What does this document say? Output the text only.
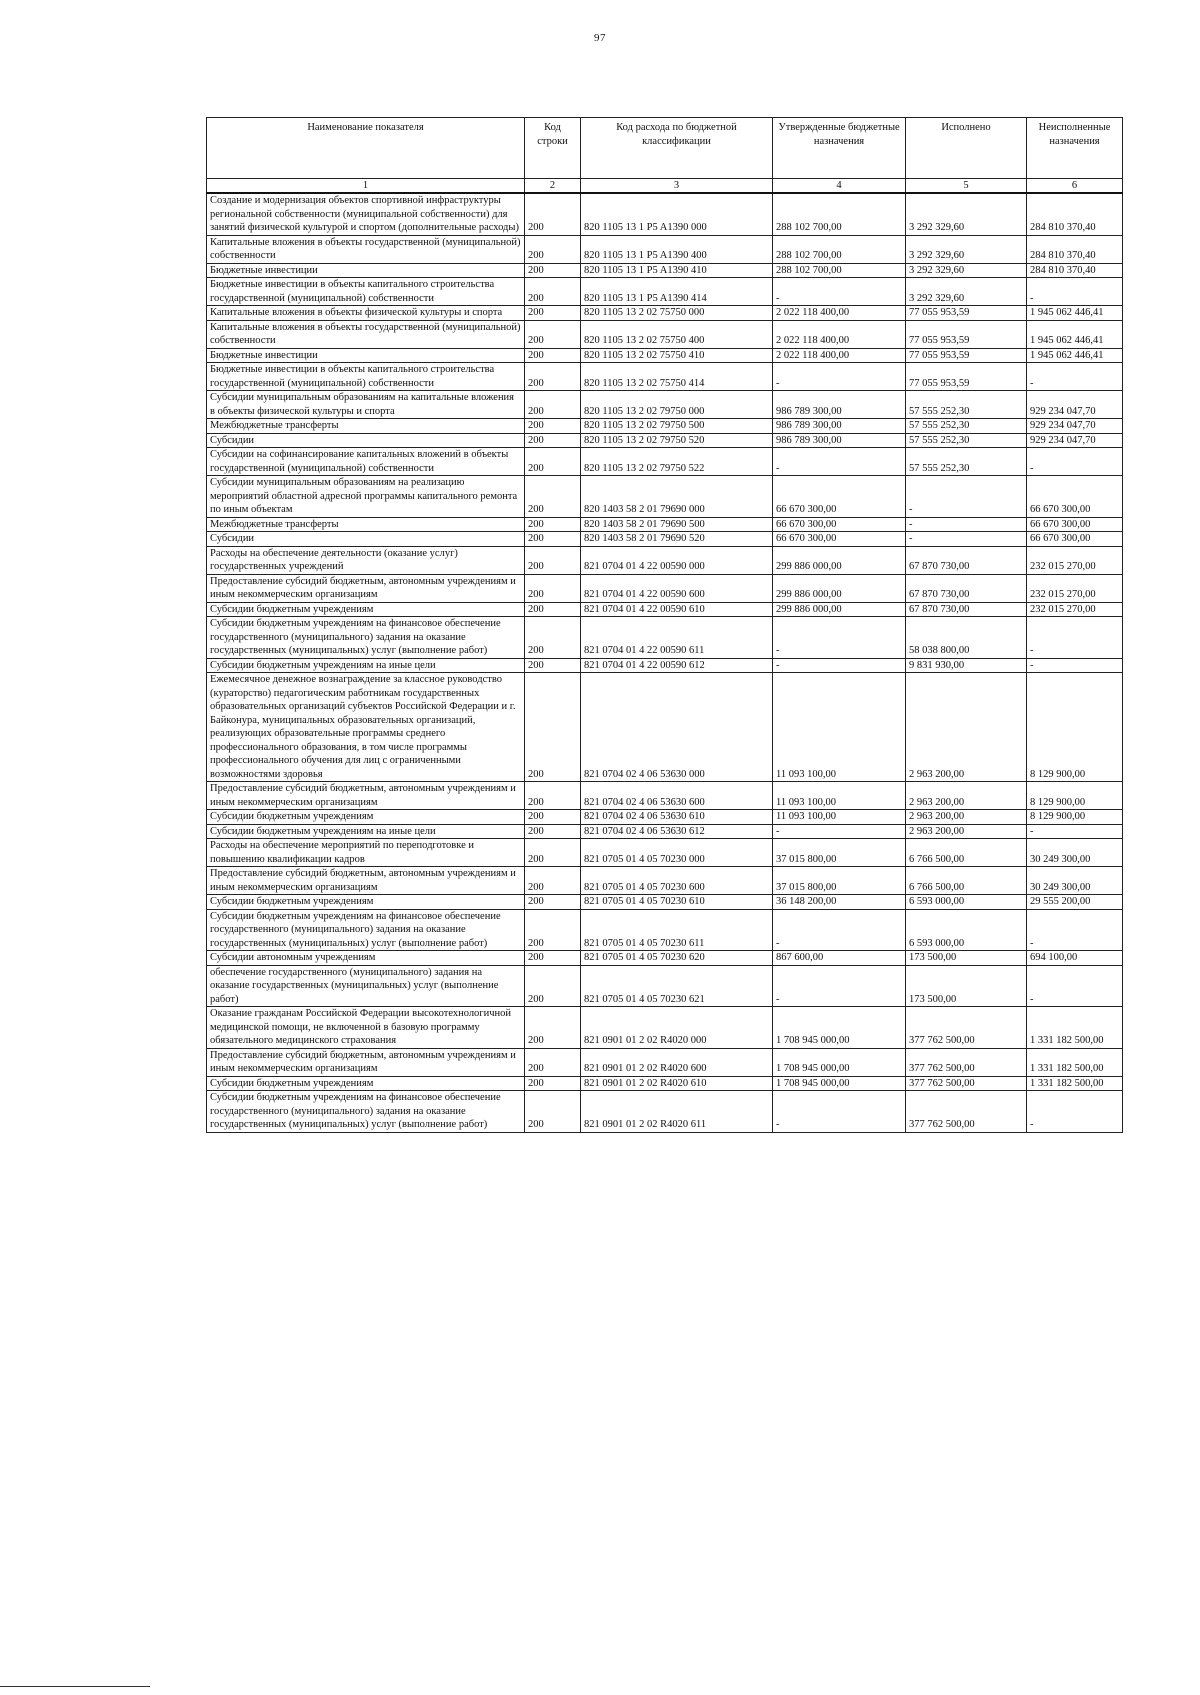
97
Наименование показателя	Код строки	Код расхода по бюджетной классификации	Утвержденные бюджетные назначения	Исполнено	Неисполненные назначения
1	2	3	4	5	6
Создание и модернизация объектов спортивной инфраструктуры региональной собственности (муниципальной собственности) для занятий физической культурой и спортом (дополнительные расходы)	200	820 1105 13 1 P5 A1390 000	288 102 700,00	3 292 329,60	284 810 370,40
Капитальные вложения в объекты государственной (муниципальной) собственности	200	820 1105 13 1 P5 A1390 400	288 102 700,00	3 292 329,60	284 810 370,40
Бюджетные инвестиции	200	820 1105 13 1 P5 A1390 410	288 102 700,00	3 292 329,60	284 810 370,40
Бюджетные инвестиции в объекты капитального строительства государственной (муниципальной) собственности	200	820 1105 13 1 P5 A1390 414	-	3 292 329,60	-
Капитальные вложения в объекты физической культуры и спорта	200	820 1105 13 2 02 75750 000	2 022 118 400,00	77 055 953,59	1 945 062 446,41
Капитальные вложения в объекты государственной (муниципальной) собственности	200	820 1105 13 2 02 75750 400	2 022 118 400,00	77 055 953,59	1 945 062 446,41
Бюджетные инвестиции	200	820 1105 13 2 02 75750 410	2 022 118 400,00	77 055 953,59	1 945 062 446,41
Бюджетные инвестиции в объекты капитального строительства государственной (муниципальной) собственности	200	820 1105 13 2 02 75750 414	-	77 055 953,59	-
Субсидии муниципальным образованиям на капитальные вложения в объекты физической культуры и спорта	200	820 1105 13 2 02 79750 000	986 789 300,00	57 555 252,30	929 234 047,70
Межбюджетные трансферты	200	820 1105 13 2 02 79750 500	986 789 300,00	57 555 252,30	929 234 047,70
Субсидии	200	820 1105 13 2 02 79750 520	986 789 300,00	57 555 252,30	929 234 047,70
Субсидии на софинансирование капитальных вложений в объекты государственной (муниципальной) собственности	200	820 1105 13 2 02 79750 522	-	57 555 252,30	-
Субсидии муниципальным образованиям на реализацию мероприятий областной адресной программы капитального ремонта по иным объектам	200	820 1403 58 2 01 79690 000	66 670 300,00	-	66 670 300,00
Межбюджетные трансферты	200	820 1403 58 2 01 79690 500	66 670 300,00	-	66 670 300,00
Субсидии	200	820 1403 58 2 01 79690 520	66 670 300,00	-	66 670 300,00
Расходы на обеспечение деятельности (оказание услуг) государственных учреждений	200	821 0704 01 4 22 00590 000	299 886 000,00	67 870 730,00	232 015 270,00
Предоставление субсидий бюджетным, автономным учреждениям и иным некоммерческим организациям	200	821 0704 01 4 22 00590 600	299 886 000,00	67 870 730,00	232 015 270,00
Субсидии бюджетным учреждениям	200	821 0704 01 4 22 00590 610	299 886 000,00	67 870 730,00	232 015 270,00
Субсидии бюджетным учреждениям на финансовое обеспечение государственного (муниципального) задания на оказание государственных (муниципальных) услуг (выполнение работ)	200	821 0704 01 4 22 00590 611	-	58 038 800,00	-
Субсидии бюджетным учреждениям на иные цели	200	821 0704 01 4 22 00590 612	-	9 831 930,00	-
Ежемесячное денежное вознаграждение за классное руководство (кураторство) педагогическим работникам государственных образовательных организаций субъектов Российской Федерации и г. Байконура, муниципальных образовательных организаций, реализующих образовательные программы среднего профессионального образования, в том числе программы профессионального обучения для лиц с ограниченными возможностями здоровья	200	821 0704 02 4 06 53630 000	11 093 100,00	2 963 200,00	8 129 900,00
Предоставление субсидий бюджетным, автономным учреждениям и иным некоммерческим организациям	200	821 0704 02 4 06 53630 600	11 093 100,00	2 963 200,00	8 129 900,00
Субсидии бюджетным учреждениям	200	821 0704 02 4 06 53630 610	11 093 100,00	2 963 200,00	8 129 900,00
Субсидии бюджетным учреждениям на иные цели	200	821 0704 02 4 06 53630 612	-	2 963 200,00	-
Расходы на обеспечение мероприятий по переподготовке и повышению квалификации кадров	200	821 0705 01 4 05 70230 000	37 015 800,00	6 766 500,00	30 249 300,00
Предоставление субсидий бюджетным, автономным учреждениям и иным некоммерческим организациям	200	821 0705 01 4 05 70230 600	37 015 800,00	6 766 500,00	30 249 300,00
Субсидии бюджетным учреждениям	200	821 0705 01 4 05 70230 610	36 148 200,00	6 593 000,00	29 555 200,00
Субсидии бюджетным учреждениям на финансовое обеспечение государственного (муниципального) задания на оказание государственных (муниципальных) услуг (выполнение работ)	200	821 0705 01 4 05 70230 611	-	6 593 000,00	-
Субсидии автономным учреждениям	200	821 0705 01 4 05 70230 620	867 600,00	173 500,00	694 100,00
обеспечение государственного (муниципального) задания на оказание государственных (муниципальных) услуг (выполнение работ)	200	821 0705 01 4 05 70230 621	-	173 500,00	-
Оказание гражданам Российской Федерации высокотехнологичной медицинской помощи, не включенной в базовую программу обязательного медицинского страхования	200	821 0901 01 2 02 R4020 000	1 708 945 000,00	377 762 500,00	1 331 182 500,00
Предоставление субсидий бюджетным, автономным учреждениям и иным некоммерческим организациям	200	821 0901 01 2 02 R4020 600	1 708 945 000,00	377 762 500,00	1 331 182 500,00
Субсидии бюджетным учреждениям	200	821 0901 01 2 02 R4020 610	1 708 945 000,00	377 762 500,00	1 331 182 500,00
Субсидии бюджетным учреждениям на финансовое обеспечение государственного (муниципального) задания на оказание государственных (муниципальных) услуг (выполнение работ)	200	821 0901 01 2 02 R4020 611	-	377 762 500,00	-
